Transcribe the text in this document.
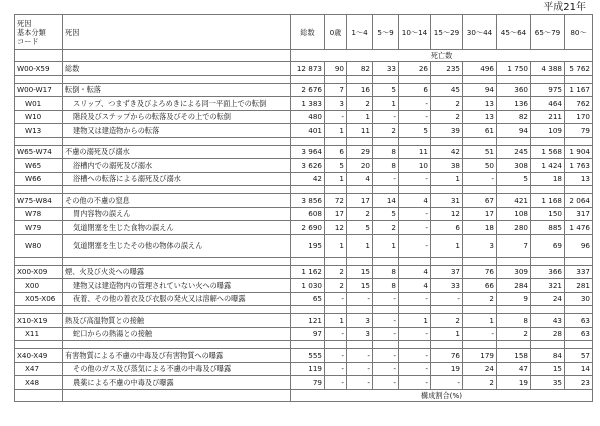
平成21年
死因
基本分類
コード	死因	総数	0歳	1～4	5～9	10～14	15～29	30～44	45～64	65～79	80～
		死亡数									
W00-X59	総数	12 873	90	82	33	26	235	496	1 750	4 388	5 762

W00-W17	転倒・転落	2 676	7	16	5	6	45	94	360	975	1 167
W01	スリップ、つまずき及びよろめきによる同一平面上での転倒	1 383	3	2	1	-	2	13	136	464	762
W10	階段及びステップからの転落及びその上での転倒	480	-	1	-	-	2	13	82	211	170
W13	建物又は建造物からの転落	401	1	11	2	5	39	61	94	109	79

W65-W74	不慮の溺死及び溺水	3 964	6	29	8	11	42	51	245	1 568	1 904
W65	浴槽内での溺死及び溺水	3 626	5	20	8	10	38	50	308	1 424	1 763
W66	浴槽への転落による溺死及び溺水	42	1	4	-	-	1	-	5	18	13

W75-W84	その他の不慮の窒息	3 856	72	17	14	4	31	67	421	1 168	2 064
W78	胃内容物の誤えん	608	17	2	5	-	12	17	108	150	317
W79	気道閉塞を生じた食物の誤えん	2 690	12	5	2	-	6	18	280	885	1 476
W80	気道閉塞を生じたその他の物体の誤えん	195	1	1	1	-	1	3	7	69	96

X00-X09	煙、火及び火炎への曝露	1 162	2	15	8	4	37	76	309	366	337
X00	建物又は建造物内の管理されていない火への曝露	1 030	2	15	8	4	33	66	284	321	281
X05-X06	夜着、その他の着衣及び衣服の発火又は溶解への曝露	65	-	-	-	-	-	2	9	24	30

X10-X19	熱及び高温物質との接触	121	1	3	-	1	2	1	8	43	63
X11	蛇口からの熱湯との接触	97	-	3	-	-	1	-	2	28	63

X40-X49	有害物質による不慮の中毒及び有害物質への曝露	555	-	-	-	-	76	179	158	84	57
X47	その他のガス及び蒸気による不慮の中毒及び曝露	119	-	-	-	-	19	24	47	15	14
X48	農薬による不慮の中毒及び曝露	79	-	-	-	-	-	2	19	35	23
		構成割合(%)									
